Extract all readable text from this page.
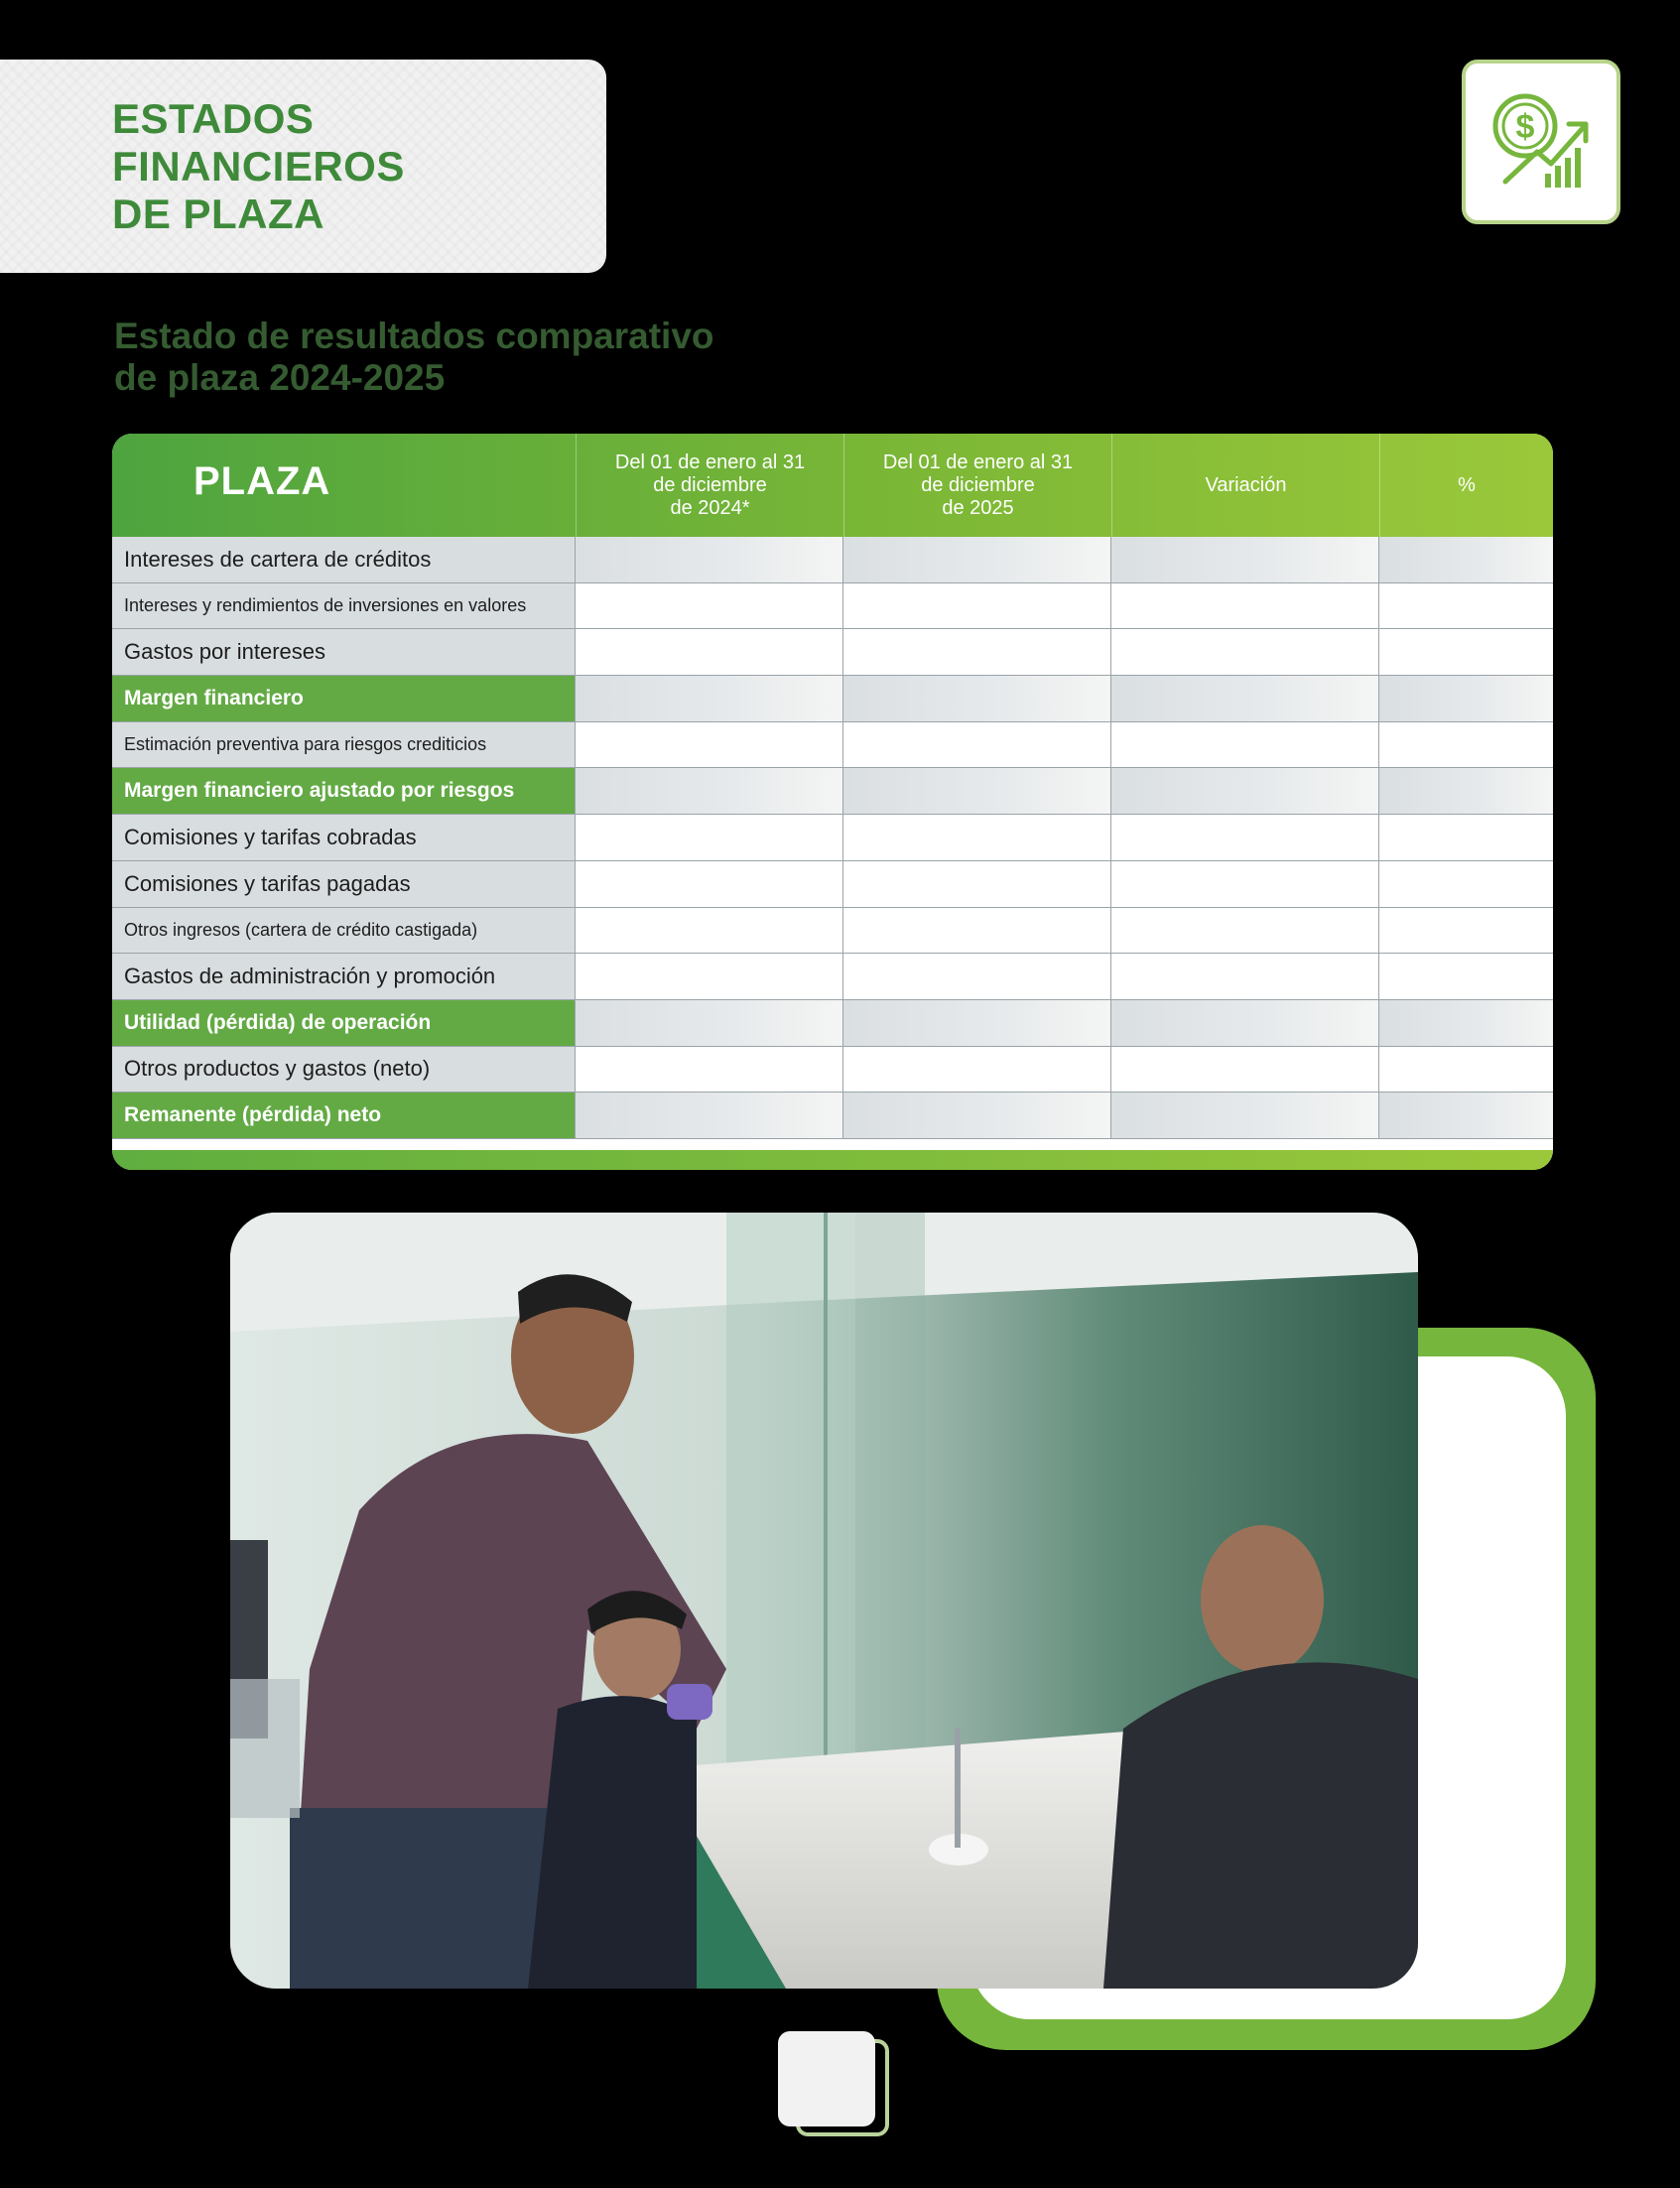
ESTADOS
FINANCIEROS
DE PLAZA
$
Estado de resultados comparativo
de plaza 2024-2025
PLAZA	Del 01 de enero al 31
de diciembre
de 2024*
Del 01 de enero al 31
de diciembre
de 2025
Variación	%
Intereses de cartera de créditos
Intereses y rendimientos de inversiones en valores
Gastos por intereses
Margen financiero
Estimación preventiva para riesgos crediticios
Margen financiero ajustado por riesgos
Comisiones y tarifas cobradas
Comisiones y tarifas pagadas
Otros ingresos (cartera de crédito castigada)
Gastos de administración y promoción
Utilidad (pérdida) de operación
Otros productos y gastos (neto)
Remanente (pérdida) neto
